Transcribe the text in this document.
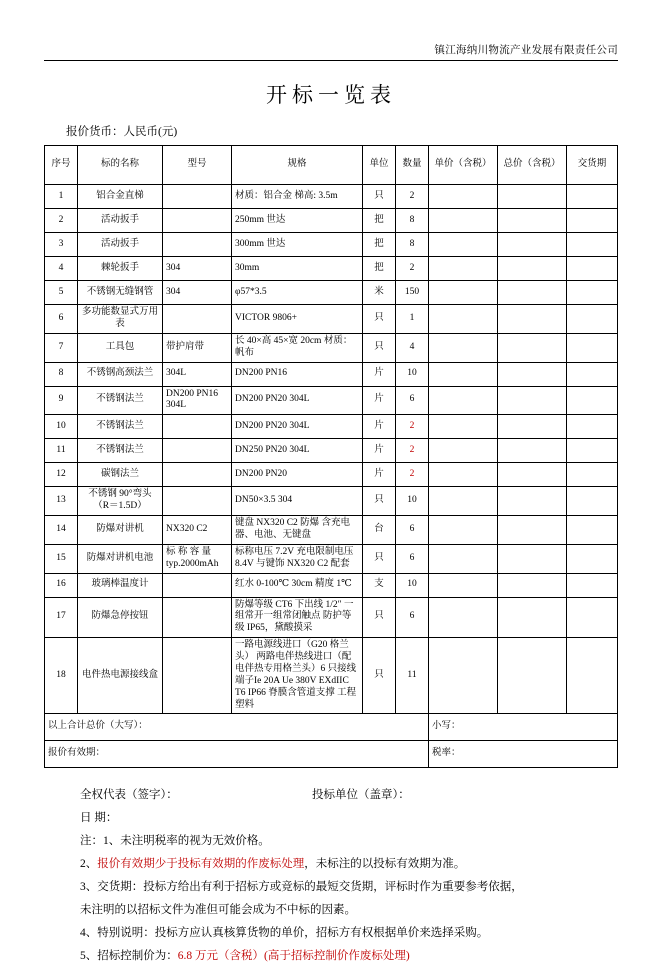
镇江海纳川物流产业发展有限责任公司
开标一览表
报价货币：人民币(元)
序号	标的名称	型号	规格	单位	数量	单价（含税）	总价（含税）	交货期
1	铝合金直梯		材质：铝合金 梯高: 3.5m	只	2			
2	活动扳手		250mm 世达	把	8			
3	活动扳手		300mm 世达	把	8			
4	棘轮扳手	304	30mm	把	2			
5	不锈钢无缝钢管	304	φ57*3.5	米	150			
6	多功能数显式万用表		VICTOR 9806+	只	1			
7	工具包	带护肩带	长 40×高 45×宽 20cm 材质：帆布	只	4			
8	不锈钢高颈法兰	304L	DN200 PN16	片	10			
9	不锈钢法兰	DN200 PN16 304L	DN200 PN20 304L	片	6			
10	不锈钢法兰		DN200 PN20 304L	片	2			
11	不锈钢法兰		DN250 PN20 304L	片	2			
12	碳钢法兰		DN200 PN20	片	2			
13	不锈钢 90°弯头（R＝1.5D）		DN50×3.5 304	只	10			
14	防爆对讲机	NX320 C2	键盘 NX320 C2 防爆 含充电器、电池、无键盘	台	6			
15	防爆对讲机电池	标 称 容 量typ.2000mAh	标称电压 7.2V 充电限制电压 8.4V 与键饰 NX320 C2 配套	只	6			
16	玻璃棒温度计		红水 0-100℃ 30cm 精度 1℃	支	10			
17	防爆急停按钮		防爆等级 CT6 下出线 1/2″ 一组常开一组常闭触点 防护等级 IP65，黛酸摸采	只	6			
18	电件热电源接线盒		一路电源线进口（G20 格兰头） 两路电伴热线进口（配电伴热专用格兰头）6 只接线端子Ie 20A Ue 380V EXdIIC T6 IP66 脊膜含管道支撑 工程塑料	只	11			
以上合计总价（大写）：						小写：		
报价有效期：						税率：		
全权代表（签字）：	投标单位（盖章）：
日 期：
注：1、未注明税率的视为无效价格。
2、报价有效期少于投标有效期的作废标处理，未标注的以投标有效期为准。
3、交货期：投标方给出有利于招标方或竞标的最短交货期，评标时作为重要参考依据，
未注明的以招标文件为准但可能会成为不中标的因素。
4、特别说明：投标方应认真核算货物的单价，招标方有权根据单价来选择采购。
5、招标控制价为：6.8 万元（含税）(高于招标控制价作废标处理)
